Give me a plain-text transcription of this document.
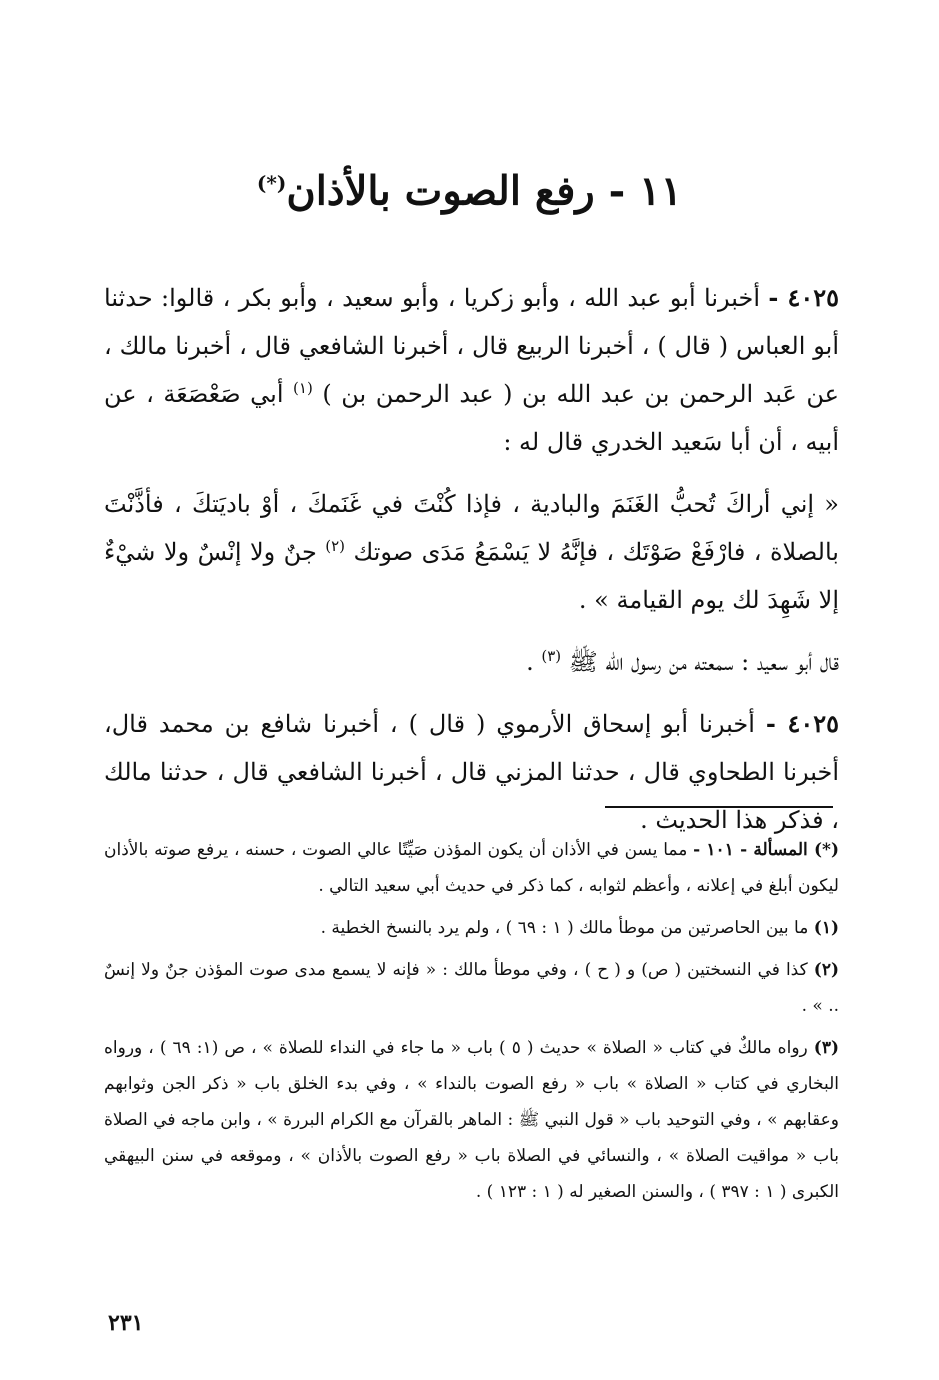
١١ - رفع الصوت بالأذان(*)

٤٠٢٥ - أخبرنا أبو عبد الله ، وأبو زكريا ، وأبو سعيد ، وأبو بكر ، قالوا: حدثنا أبو العباس ( قال ) ، أخبرنا الربيع قال ، أخبرنا الشافعي قال ، أخبرنا مالك ، عن عَبد الرحمن بن عبد الله بن ( عبد الرحمن بن ) $^{(١)}$ أبي صَعْصَعَة ، عن أبيه ، أن أبا سَعيد الخدري قال له :

« إني أراكَ تُحبُّ الغَنَمَ والبادية ، فإذا كُنْتَ في غَنَمكَ ، أوْ باديَتكَ ، فأذَّنْتَ بالصلاة ، فارْفَعْ صَوْتَك ، فإنَّهُ لا يَسْمَعُ مَدَى صوتك $^{(٢)}$ جنٌ ولا إنْسٌ ولا شيْءٌ إلا شَهِدَ لك يوم القيامة » .

قال أبو سعيد : سمعته من رسول الله ﷺ $^{(٣)}$ .

٤٠٢٥ - أخبرنا أبو إسحاق الأرموي ( قال ) ، أخبرنا شافع بن محمد قال، أخبرنا الطحاوي قال ، حدثنا المزني قال ، أخبرنا الشافعي قال ، حدثنا مالك ، فذكر هذا الحديث .

(*) المسألة - ١٠١ - مما يسن في الأذان أن يكون المؤذن صَيِّتًا عالي الصوت ، حسنه ، يرفع صوته بالأذان ليكون أبلغ في إعلانه ، وأعظم لثوابه ، كما ذكر في حديث أبي سعيد التالي .

(١) ما بين الحاصرتين من موطأ مالك ( ١ : ٦٩ ) ، ولم يرد بالنسخ الخطية .

(٢) كذا في النسختين ( ص) و ( ح ) ، وفي موطأ مالك : « فإنه لا يسمع مدى صوت المؤذن جنٌ ولا إنسٌ .. » .

(٣) رواه مالكٌ في كتاب « الصلاة » حديث ( ٥ ) باب « ما جاء في النداء للصلاة » ، ص (١: ٦٩ ) ، ورواه البخاري في كتاب « الصلاة » باب « رفع الصوت بالنداء » ، وفي بدء الخلق باب « ذكر الجن وثوابهم وعقابهم » ، وفي التوحيد باب « قول النبي ﷺ : الماهر بالقرآن مع الكرام البررة » ، وابن ماجه في الصلاة باب « مواقيت الصلاة » ، والنسائي في الصلاة باب « رفع الصوت بالأذان » ، وموقعه في سنن البيهقي الكبرى ( ١ : ٣٩٧ ) ، والسنن الصغير له ( ١ : ١٢٣ ) .

٢٣١
